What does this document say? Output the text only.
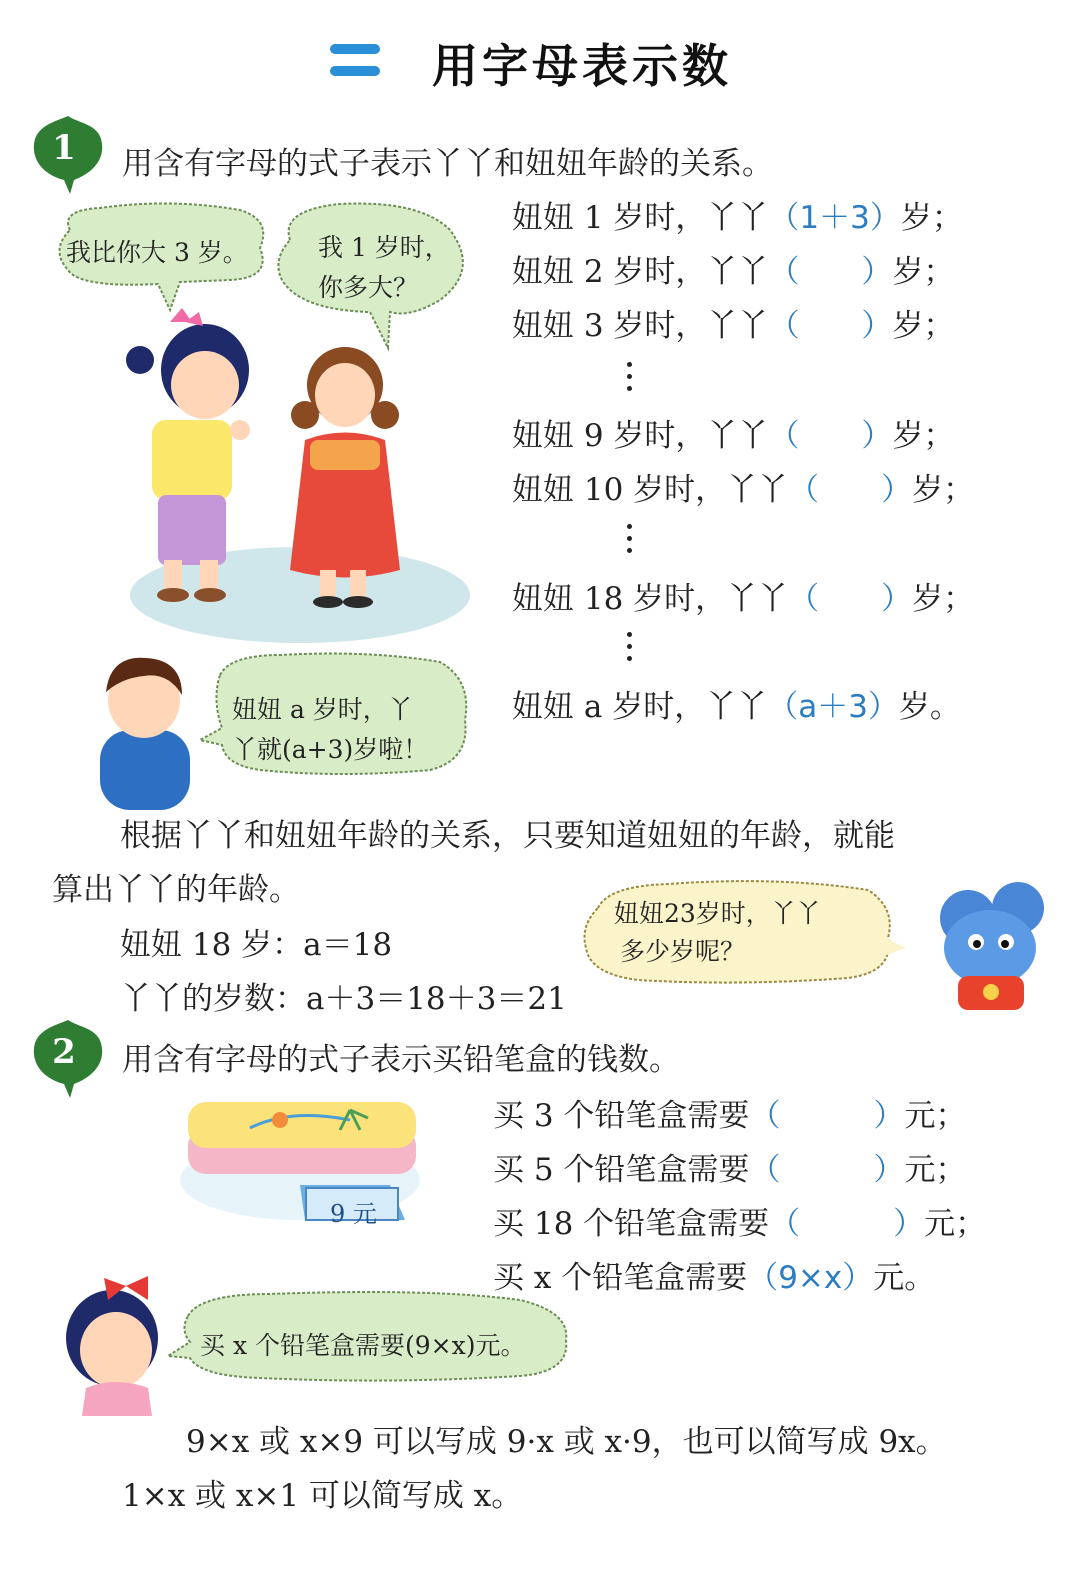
用字母表示数
1	用含有字母的式子表示丫丫和妞妞年龄的关系。
我比你大 3 岁。	我 1 岁时，
你多大？
妞妞 a 岁时，丫
丫就(a+3)岁啦！
妞妞 1 岁时，丫丫（1＋3）岁；
妞妞 2 岁时，丫丫（　　）岁；
妞妞 3 岁时，丫丫（　　）岁；
妞妞 9 岁时，丫丫（　　）岁；
妞妞 10 岁时，丫丫（　　）岁；
妞妞 18 岁时，丫丫（　　）岁；
妞妞 a 岁时，丫丫（a＋3）岁。
根据丫丫和妞妞年龄的关系，只要知道妞妞的年龄，就能
算出丫丫的年龄。
妞妞 18 岁：a＝18
丫丫的岁数：a＋3＝18＋3＝21
妞妞23岁时，丫丫
多少岁呢？
2	用含有字母的式子表示买铅笔盒的钱数。
9 元
买 3 个铅笔盒需要（　　　）元；
买 5 个铅笔盒需要（　　　）元；
买 18 个铅笔盒需要（　　　）元；
买 x 个铅笔盒需要（9×x）元。
买 x 个铅笔盒需要(9×x)元。
9×x 或 x×9 可以写成 9·x 或 x·9，也可以简写成 9x。
1×x 或 x×1 可以简写成 x。
